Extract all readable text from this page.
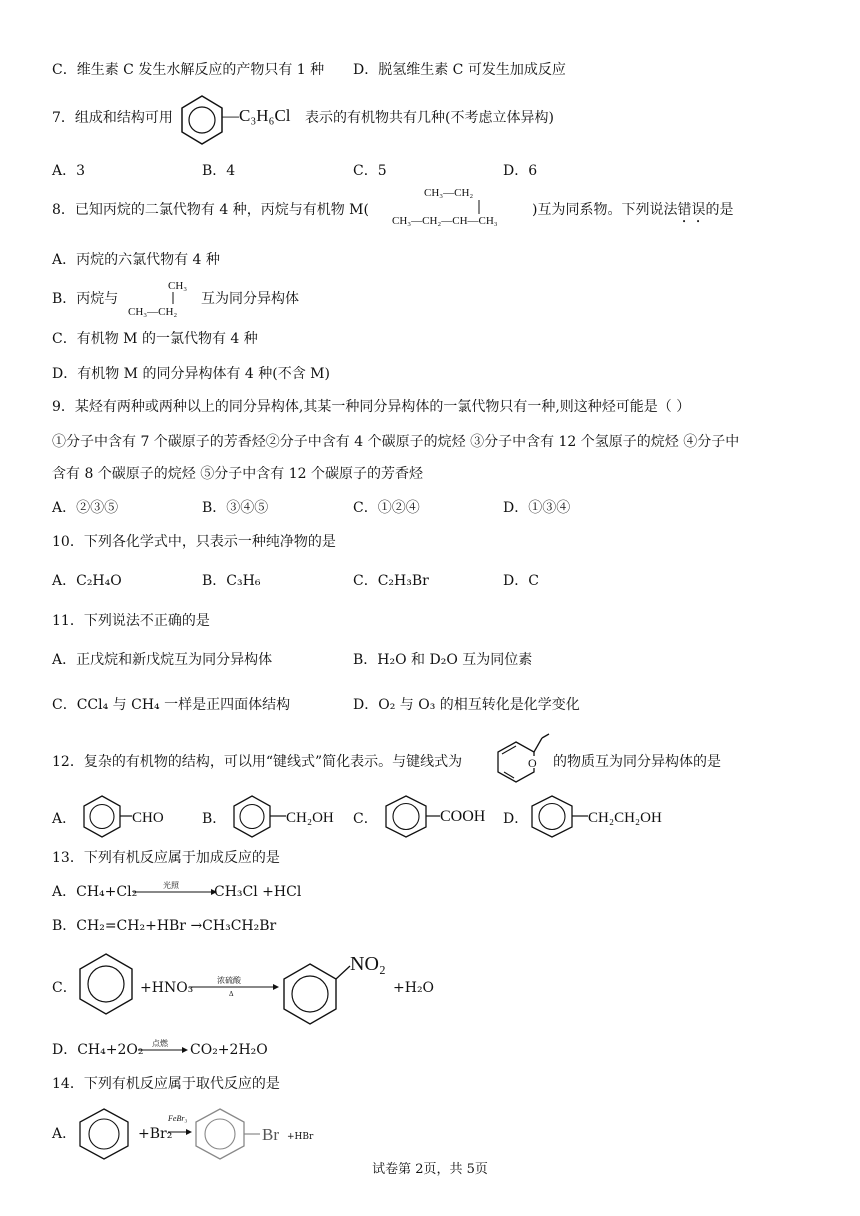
C．维生素 C 发生水解反应的产物只有 1 种 D．脱氢维生素 C 可发生加成反应
7．组成和结构可用	—C₃H₆Cl 表示的有机物共有几种(不考虑立体异构)
A．3	B．4	C．5	D．6
8．已知丙烷的二氯代物有 4 种，丙烷与有机物 M(
CH₃—CH₂
CH₃—CH₂—CH—CH₃
)互为同系物。下列说法错误的是
A．丙烷的六氯代物有 4 种
B．丙烷与
CH₃
CH₃—CH₂
互为同分异构体
C．有机物 M 的一氯代物有 4 种
D．有机物 M 的同分异构体有 4 种(不含 M)
9．某烃有两种或两种以上的同分异构体,其某一种同分异构体的一氯代物只有一种,则这种烃可能是（ ）
①分子中含有 7 个碳原子的芳香烃②分子中含有 4 个碳原子的烷烃 ③分子中含有 12 个氢原子的烷烃 ④分子中
含有 8 个碳原子的烷烃 ⑤分子中含有 12 个碳原子的芳香烃
A．②③⑤	B．③④⑤	C．①②④	D．①③④
10．下列各化学式中，只表示一种纯净物的是
A．C₂H₄O	B．C₃H₆	C．C₂H₃Br	D．C
11．下列说法不正确的是
A．正戊烷和新戊烷互为同分异构体	B．H₂O 和 D₂O 互为同位素
C．CCl₄ 与 CH₄ 一样是正四面体结构	D．O₂ 与 O₃ 的相互转化是化学变化
12．复杂的有机物的结构，可以用“键线式”简化表示。与键线式为	O 的物质互为同分异构体的是
A．	CHO	B．	CH₂OH C．	COOH D．	CH₂CH₂OH
13．下列有机反应属于加成反应的是
A．CH₄+Cl₂	光照	CH₃Cl +HCl
B．CH₂=CH₂+HBr →CH₃CH₂Br
C．	+HNO₃	浓硫酸
Δ
NO₂
+H₂O
D．CH₄+2O₂ 点燃 CO₂+2H₂O
14．下列有机反应属于取代反应的是
A．	+Br₂
FeBr₃
Br +HBr
试卷第 2页，共 5页
